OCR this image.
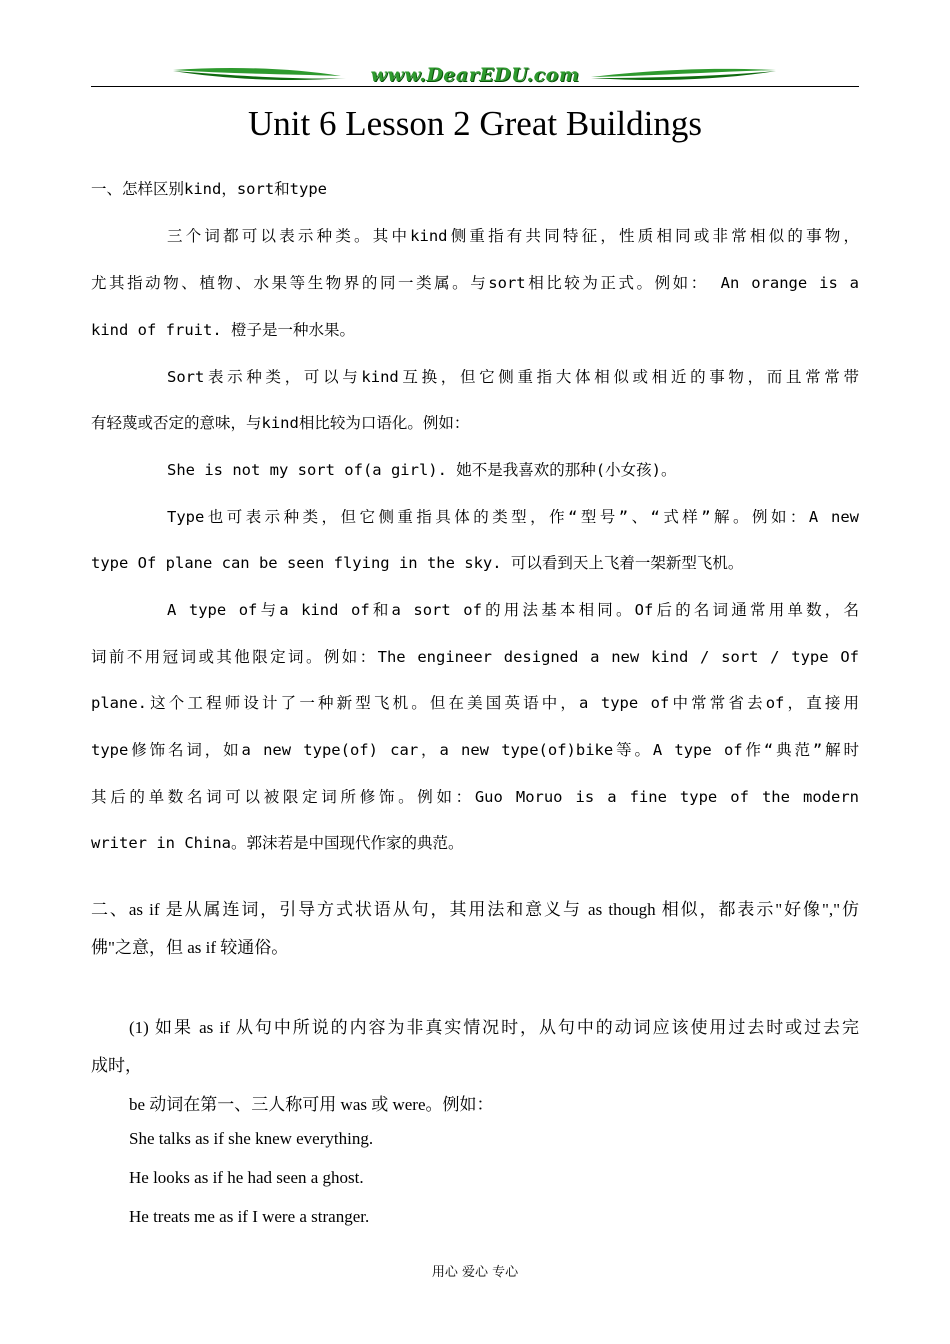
www.DearEDU.com
Unit 6 Lesson 2 Great Buildings
一、怎样区别kind，sort和type
三个词都可以表示种类。其中kind侧重指有共同特征，性质相同或非常相似的事物，
尤其指动物、植物、水果等生物界的同一类属。与sort相比较为正式。例如： An orange is a
kind of fruit. 橙子是一种水果。
Sort表示种类，可以与kind互换，但它侧重指大体相似或相近的事物，而且常常带
有轻蔑或否定的意味，与kind相比较为口语化。例如：
She is not my sort of(a girl). 她不是我喜欢的那种(小女孩)。
Type也可表示种类，但它侧重指具体的类型，作“型号”、“式样”解。例如：A new
type Of plane can be seen flying in the sky. 可以看到天上飞着一架新型飞机。
A type of与a kind of和a sort of的用法基本相同。Of后的名词通常用单数，名
词前不用冠词或其他限定词。例如：The engineer designed a new kind / sort / type Of
plane.这个工程师设计了一种新型飞机。但在美国英语中，a type of中常常省去of，直接用
type修饰名词，如a new type(of) car，a new type(of)bike等。A type of作“典范”解时
其后的单数名词可以被限定词所修饰。例如：Guo Moruo is a fine type of the modern
writer in China。郭沫若是中国现代作家的典范。
二、as if 是从属连词，引导方式状语从句，其用法和意义与 as though 相似，都表示"好像","仿
佛"之意，但 as if 较通俗。
(1) 如果 as if 从句中所说的内容为非真实情况时，从句中的动词应该使用过去时或过去完
成时，
be 动词在第一、三人称可用 was 或 were。例如：
She talks as if she knew everything.
He looks as if he had seen a ghost.
He treats me as if I were a stranger.
用心 爱心 专心
